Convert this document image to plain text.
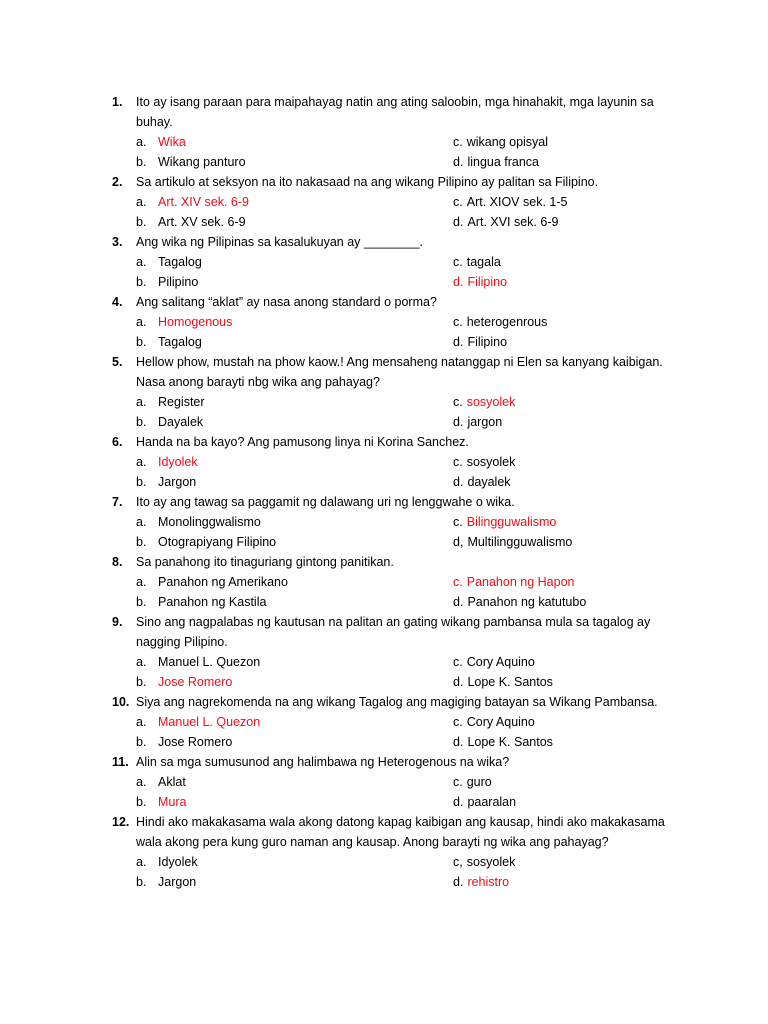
1.	Ito ay isang paraan para maipahayag natin ang ating saloobin, mga hinahakit, mga layunin sa buhay.
a. Wika	c. wikang opisyal
b. Wikang panturo	d. lingua franca
2.	Sa artikulo at seksyon na ito nakasaad na ang wikang Pilipino ay palitan sa Filipino.
a. Art. XIV sek. 6-9	c. Art. XIOV sek. 1-5
b. Art. XV sek. 6-9	d. Art. XVI sek. 6-9
3.	Ang wika ng Pilipinas sa kasalukuyan ay ________.
a. Tagalog	c. tagala
b. Pilipino	d. Filipino
4.	Ang salitang “aklat” ay nasa anong standard o porma?
a. Homogenous	c. heterogenrous
b. Tagalog	d. Filipino
5.	Hellow phow, mustah na phow kaow.! Ang mensaheng natanggap ni Elen sa kanyang kaibigan. Nasa anong barayti nbg wika ang pahayag?
a. Register	c. sosyolek
b. Dayalek	d. jargon
6.	Handa na ba kayo? Ang pamusong linya ni Korina Sanchez.
a. Idyolek	c. sosyolek
b. Jargon	d. dayalek
7.	Ito ay ang tawag sa paggamit ng dalawang uri ng lenggwahe o wika.
a. Monolinggwalismo	c. Bilingguwalismo
b. Otograpiyang Filipino	d, Multilingguwalismo
8.	Sa panahong ito tinaguriang gintong panitikan.
a. Panahon ng Amerikano	c. Panahon ng Hapon
b. Panahon ng Kastila	d. Panahon ng katutubo
9.	Sino ang nagpalabas ng kautusan na palitan an gating wikang pambansa mula sa tagalog ay nagging Pilipino.
a. Manuel L. Quezon	c. Cory Aquino
b. Jose Romero	d. Lope K. Santos
10. Siya ang nagrekomenda na ang wikang Tagalog ang magiging batayan sa Wikang Pambansa.
a. Manuel L. Quezon	c. Cory Aquino
b. Jose Romero	d. Lope K. Santos
11. Alin sa mga sumusunod ang halimbawa ng Heterogenous na wika?
a. Aklat	c. guro
b. Mura	d. paaralan
12. Hindi ako makakasama wala akong datong kapag kaibigan ang kausap, hindi ako makakasama wala akong pera kung guro naman ang kausap. Anong barayti ng wika ang pahayag?
a. Idyolek	c, sosyolek
b. Jargon	d. rehistro
